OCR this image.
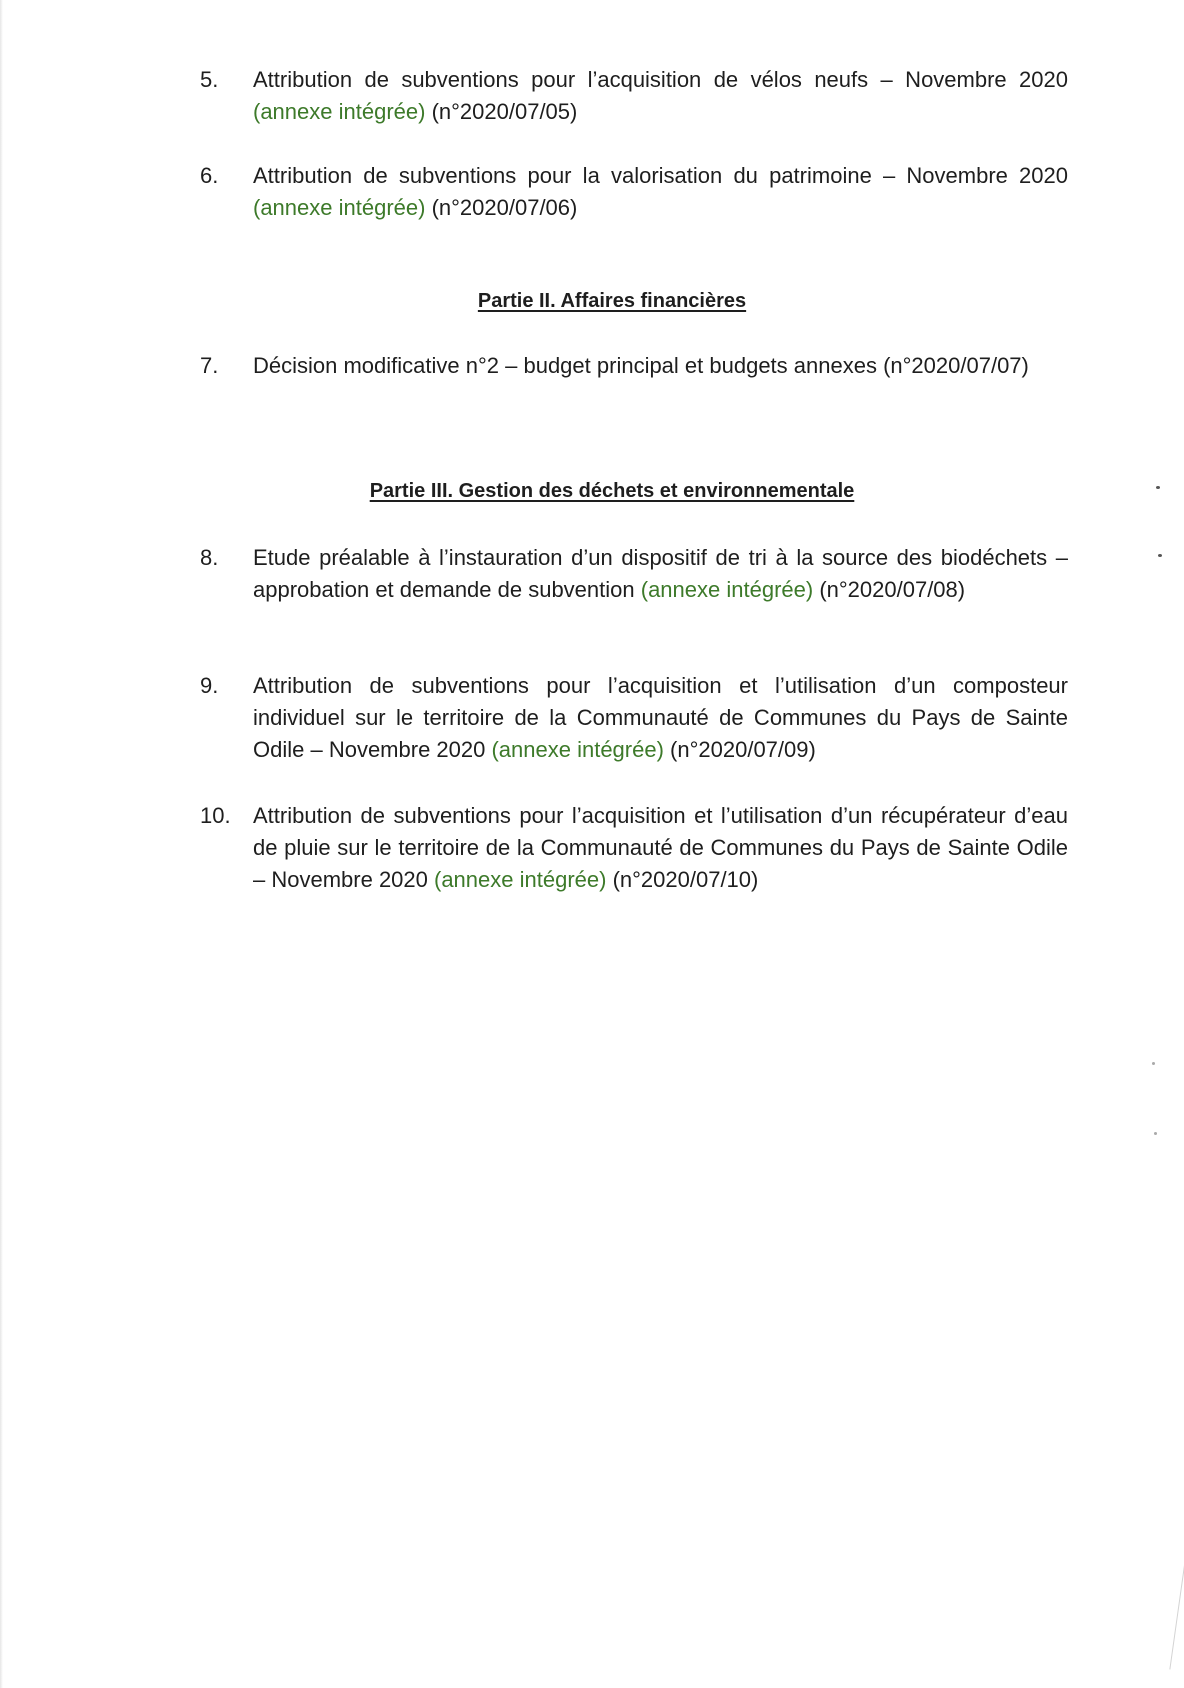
5. Attribution de subventions pour l’acquisition de vélos neufs – Novembre 2020 (annexe intégrée) (n°2020/07/05)
6. Attribution de subventions pour la valorisation du patrimoine – Novembre 2020 (annexe intégrée) (n°2020/07/06)
Partie II. Affaires financières
7. Décision modificative n°2 – budget principal et budgets annexes (n°2020/07/07)
Partie III. Gestion des déchets et environnementale
8. Etude préalable à l’instauration d’un dispositif de tri à la source des biodéchets – approbation et demande de subvention (annexe intégrée) (n°2020/07/08)
9. Attribution de subventions pour l’acquisition et l’utilisation d’un composteur individuel sur le territoire de la Communauté de Communes du Pays de Sainte Odile – Novembre 2020 (annexe intégrée) (n°2020/07/09)
10. Attribution de subventions pour l’acquisition et l’utilisation d’un récupérateur d’eau de pluie sur le territoire de la Communauté de Communes du Pays de Sainte Odile – Novembre 2020 (annexe intégrée) (n°2020/07/10)
